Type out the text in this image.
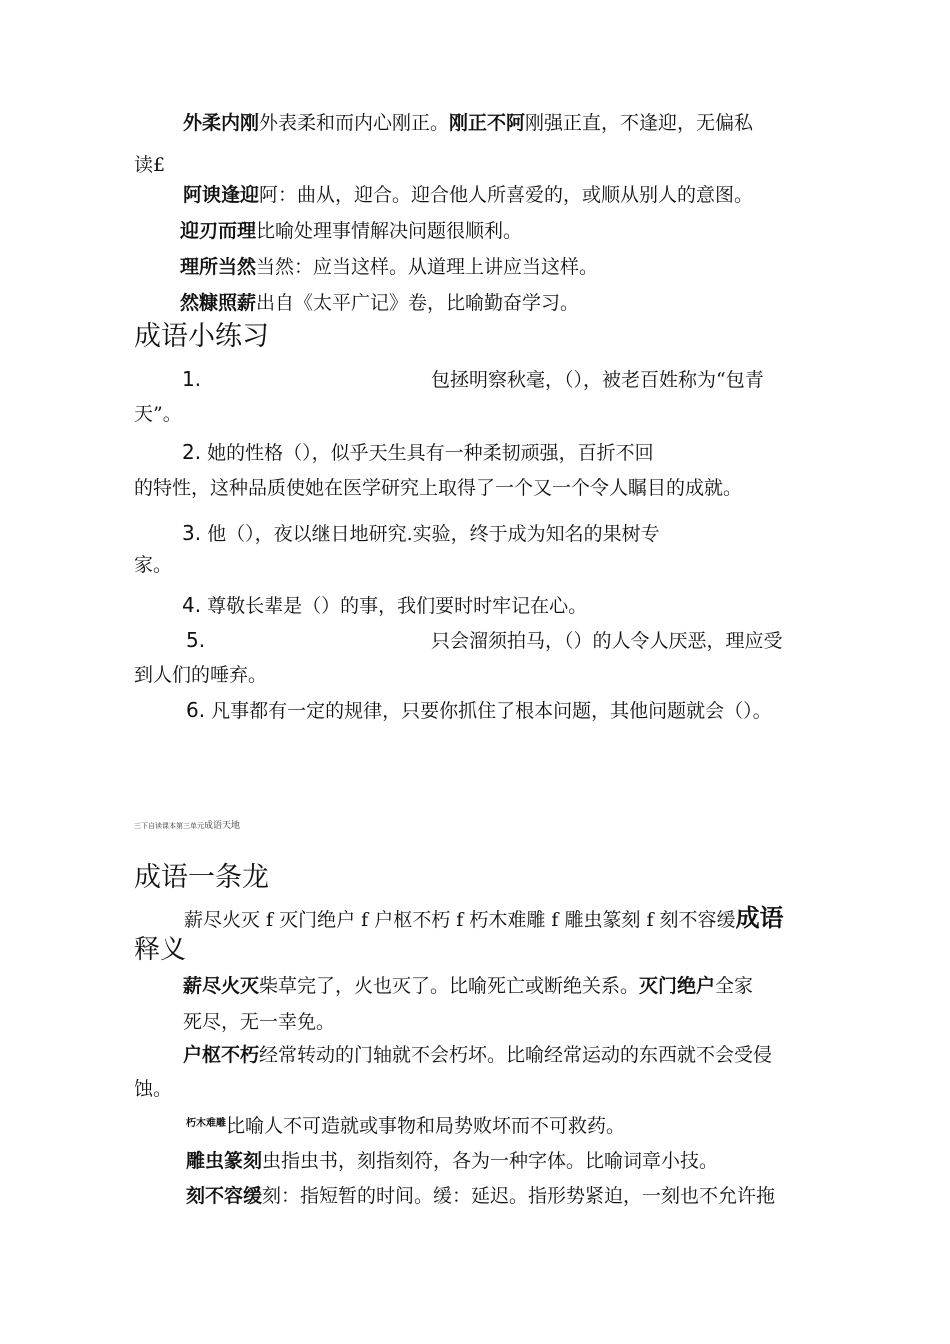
外柔内刚外表柔和而内心刚正。刚正不阿刚强正直，不逢迎，无偏私
读£
阿谀逢迎阿：曲从，迎合。迎合他人所喜爱的，或顺从别人的意图。
迎刃而理比喻处理事情解决问题很顺利。
理所当然当然：应当这样。从道理上讲应当这样。
然糠照薪出自《太平广记》卷，比喻勤奋学习。
成语小练习
1.	包拯明察秋毫，（），被老百姓称为“包青
天”。
2. 她的性格（），似乎天生具有一种柔韧顽强，百折不回
的特性，这种品质使她在医学研究上取得了一个又一个令人瞩目的成就。
3. 他（），夜以继日地研究.实验，终于成为知名的果树专
家。
4. 尊敬长辈是（）的事，我们要时时牢记在心。
5.	只会溜须拍马，（）的人令人厌恶，理应受
到人们的唾弃。
6. 凡事都有一定的规律，只要你抓住了根本问题，其他问题就会（）。
三下自读课本第三单元成语天地
成语一条龙
薪尽火灭 f 灭门绝户 f 户枢不朽 f 朽木难雕 f 雕虫篆刻 f 刻不容缓成语
释义
薪尽火灭柴草完了，火也灭了。比喻死亡或断绝关系。灭门绝户全家
死尽，无一幸免。
户枢不朽经常转动的门轴就不会朽坏。比喻经常运动的东西就不会受侵
蚀。
$^{朽木难雕}$比喻人不可造就或事物和局势败坏而不可救药。
雕虫篆刻虫指虫书，刻指刻符，各为一种字体。比喻词章小技。
刻不容缓刻：指短暂的时间。缓：延迟。指形势紧迫，一刻也不允许拖
